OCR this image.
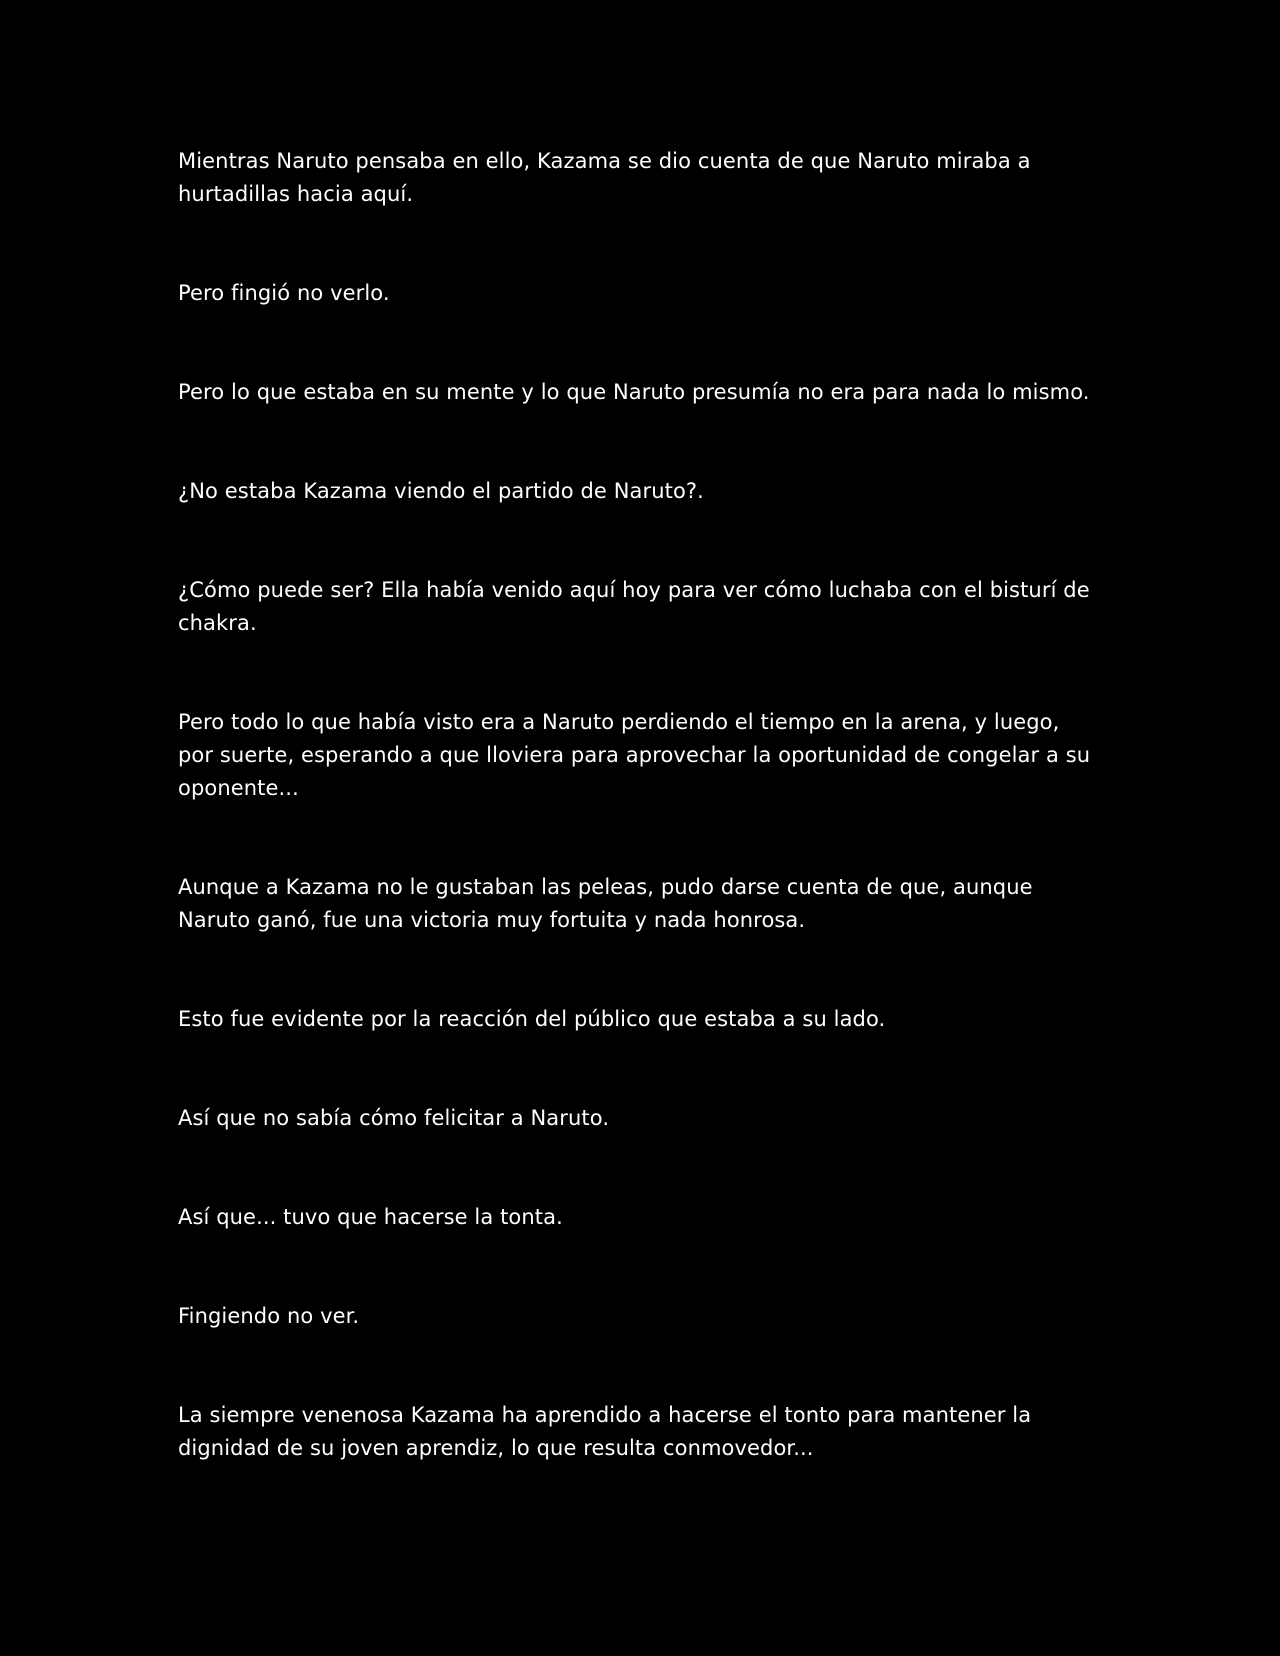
Mientras Naruto pensaba en ello, Kazama se dio cuenta de que Naruto miraba a hurtadillas hacia aquí.

Pero fingió no verlo.

Pero lo que estaba en su mente y lo que Naruto presumía no era para nada lo mismo.

¿No estaba Kazama viendo el partido de Naruto?.

¿Cómo puede ser? Ella había venido aquí hoy para ver cómo luchaba con el bisturí de chakra.

Pero todo lo que había visto era a Naruto perdiendo el tiempo en la arena, y luego, por suerte, esperando a que lloviera para aprovechar la oportunidad de congelar a su oponente...

Aunque a Kazama no le gustaban las peleas, pudo darse cuenta de que, aunque Naruto ganó, fue una victoria muy fortuita y nada honrosa.

Esto fue evidente por la reacción del público que estaba a su lado.

Así que no sabía cómo felicitar a Naruto.

Así que... tuvo que hacerse la tonta.

Fingiendo no ver.

La siempre venenosa Kazama ha aprendido a hacerse el tonto para mantener la dignidad de su joven aprendiz, lo que resulta conmovedor...
